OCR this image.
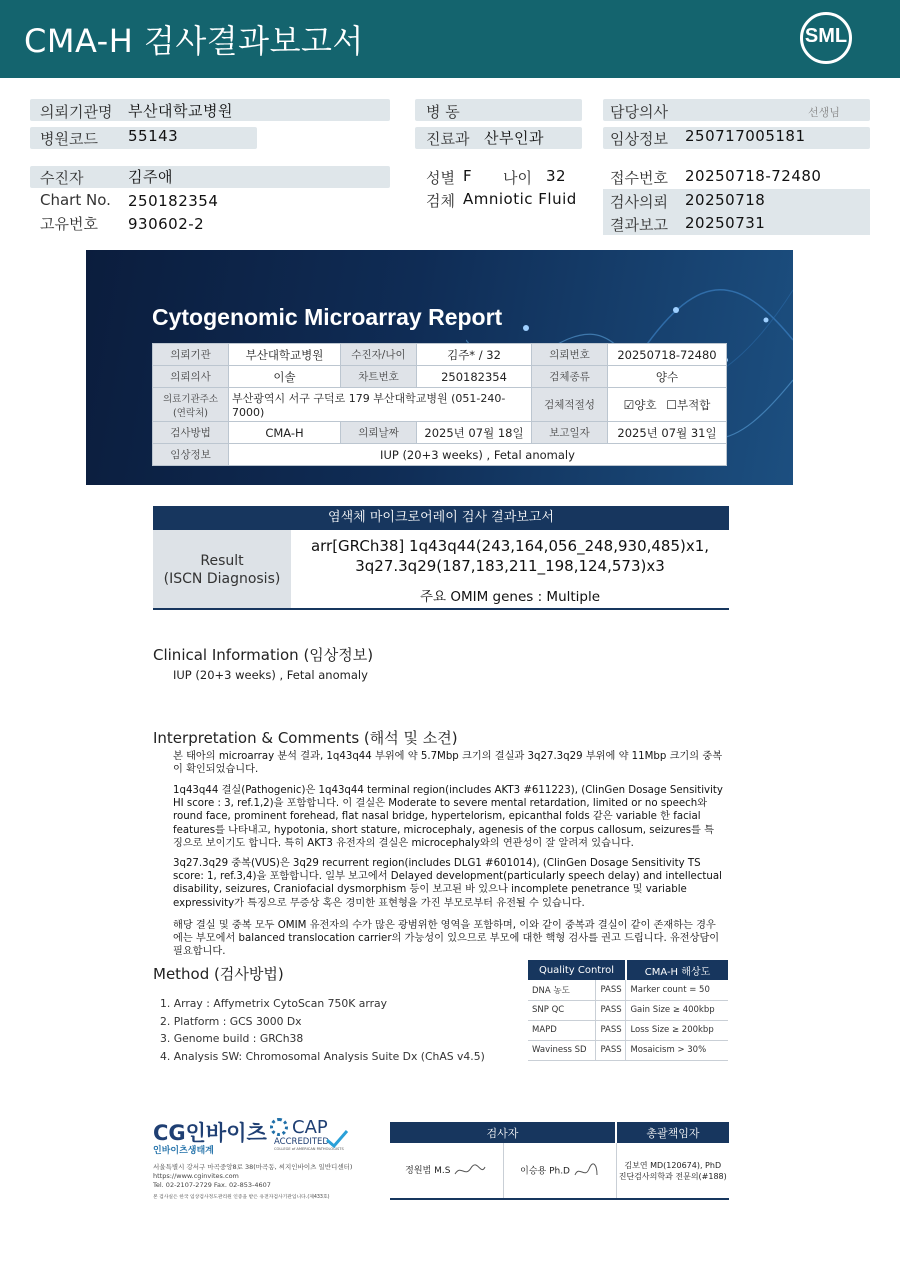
CMA-H 검사결과보고서	SML
의뢰기관명 부산대학교병원
병원코드 55143
병 동
진료과 산부인과
담당의사	선생님
임상정보 250717005181
수진자	김주애
Chart No. 250182354
고유번호 930602-2
성별 F 나이 32
검체 Amniotic Fluid
접수번호 20250718-72480
검사의뢰 20250718
결과보고 20250731
Cytogenomic Microarray Report
의뢰기관	부산대학교병원	수진자/나이	김주* / 32	의뢰번호	20250718-72480
의뢰의사	이솔	차트번호	250182354	검체종류	양수
의료기관주소 (연락처)	부산광역시 서구 구덕로 179 부산대학교병원 (051-240-7000)			검체적절성	☑양호 ☐부적합
검사방법	CMA-H	의뢰날짜	2025년 07월 18일	보고일자	2025년 07월 31일
임상정보	IUP (20+3 weeks) , Fetal anomaly				
염색체 마이크로어레이 검사 결과보고서
Result
(ISCN Diagnosis)
arr[GRCh38] 1q43q44(243,164,056_248,930,485)x1,
3q27.3q29(187,183,211_198,124,573)x3
주요 OMIM genes : Multiple
Clinical Information (임상정보)
IUP (20+3 weeks) , Fetal anomaly
Interpretation & Comments (해석 및 소견)
본 태아의 microarray 분석 결과, 1q43q44 부위에 약 5.7Mbp 크기의 결실과 3q27.3q29 부위에 약 11Mbp 크기의 중복이 확인되었습니다.
1q43q44 결실(Pathogenic)은 1q43q44 terminal region(includes AKT3 #611223), (ClinGen Dosage Sensitivity HI score : 3, ref.1,2)을 포함합니다. 이 결실은 Moderate to severe mental retardation, limited or no speech와 round face, prominent forehead, flat nasal bridge, hypertelorism, epicanthal folds 같은 variable 한 facial features를 나타내고, hypotonia, short stature, microcephaly, agenesis of the corpus callosum, seizures를 특징으로 보이기도 합니다. 특히 AKT3 유전자의 결실은 microcephaly와의 연관성이 잘 알려져 있습니다.
3q27.3q29 중복(VUS)은 3q29 recurrent region(includes DLG1 #601014), (ClinGen Dosage Sensitivity TS score: 1, ref.3,4)을 포함합니다. 일부 보고에서 Delayed development(particularly speech delay) and intellectual disability, seizures, Craniofacial dysmorphism 등이 보고된 바 있으나 incomplete penetrance 및 variable expressivity가 특징으로 무증상 혹은 경미한 표현형을 가진 부모로부터 유전될 수 있습니다.
해당 결실 및 중복 모두 OMIM 유전자의 수가 많은 광범위한 영역을 포함하며, 이와 같이 중복과 결실이 같이 존재하는 경우에는 부모에서 balanced translocation carrier의 가능성이 있으므로 부모에 대한 핵형 검사를 권고 드립니다. 유전상담이 필요합니다.
Method (검사방법)
1. Array : Affymetrix CytoScan 750K array
2. Platform : GCS 3000 Dx
3. Genome build : GRCh38
4. Analysis SW: Chromosomal Analysis Suite Dx (ChAS v4.5)
Quality Control		CMA-H 해상도
DNA 농도	PASS	Marker count = 50
SNP QC	PASS	Gain Size ≥ 400kbp
MAPD	PASS	Loss Size ≥ 200kbp
Waviness SD	PASS	Mosaicism > 30%
CG인바이츠
인바이츠생태계
CAP
ACCREDITED
COLLEGE of AMERICAN PATHOLOGISTS
서울특별시 강서구 마곡중앙8로 38(마곡동, 씨지인바이츠 일반디센터)
https://www.cginvites.com
Tel. 02-2107-2729 Fax. 02-853-4607
본 검사실은 한국 임상검사정도관리원 인증을 받은 유전자검사기관입니다.(제433호)
검사자		총괄책임자
정원범 M.S	이승용 Ph.D	김보연 MD(120674), PhD
진단검사의학과 전문의(#188)
